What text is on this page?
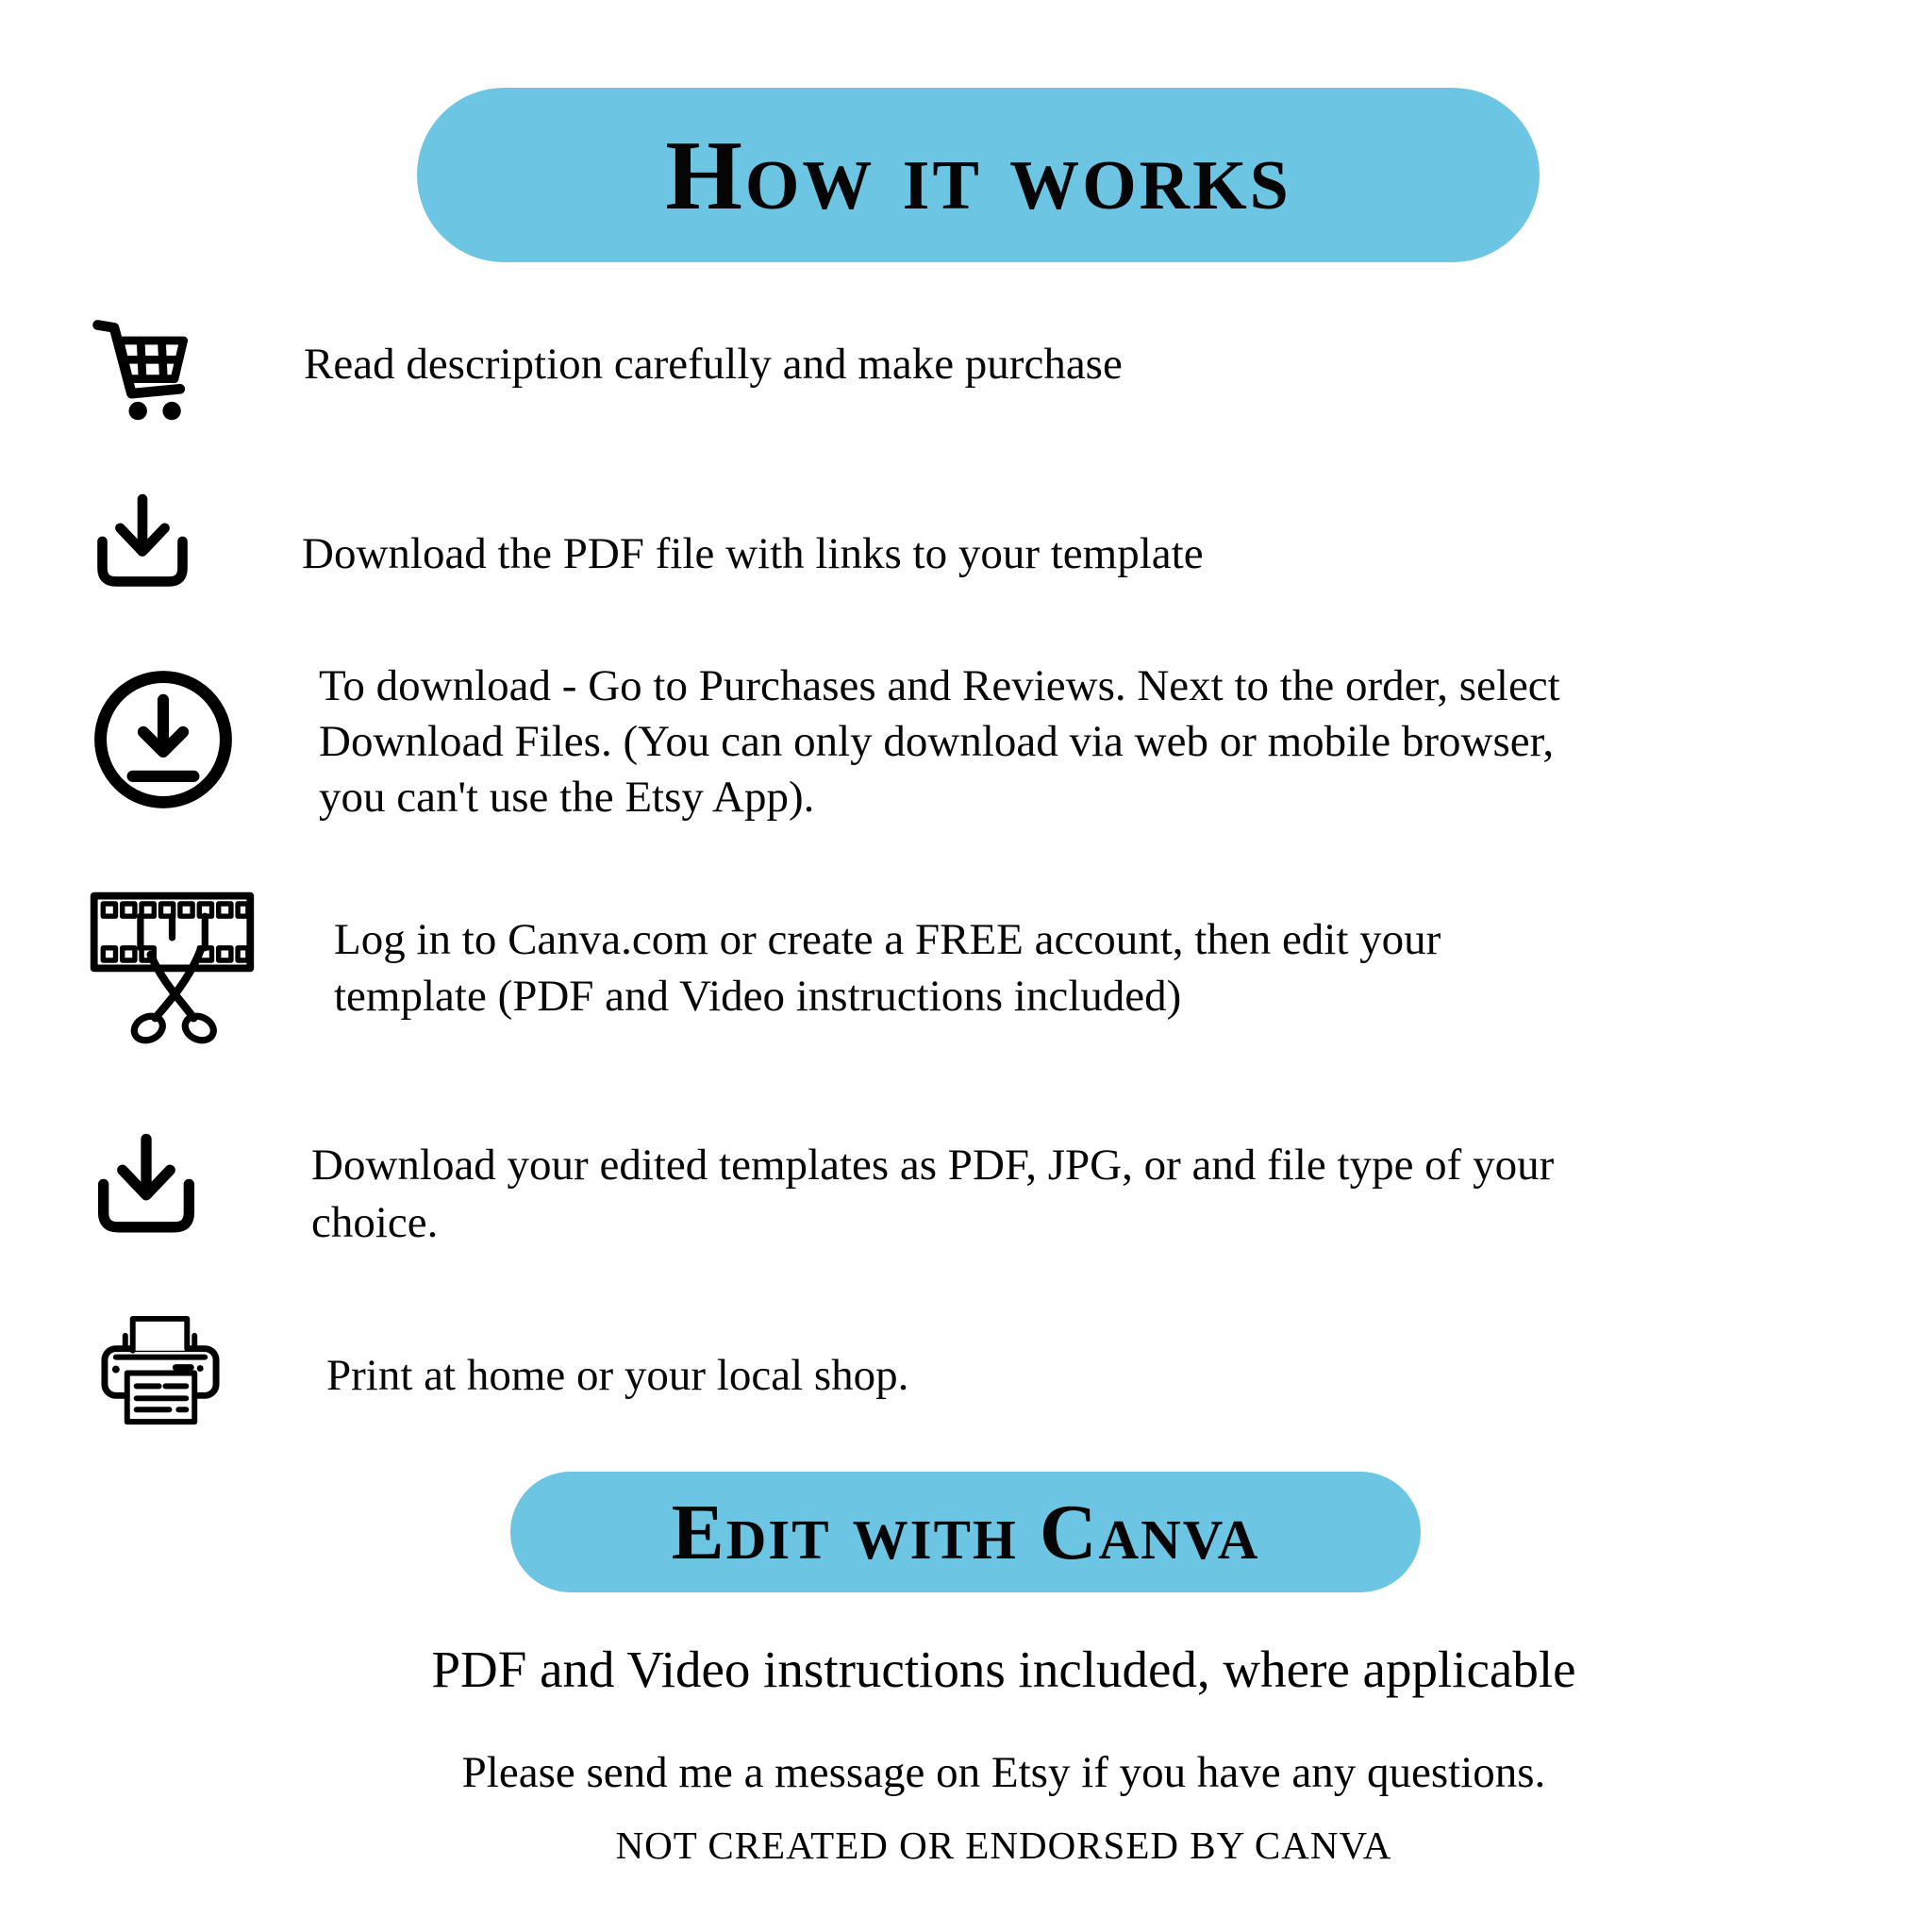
How it works
Read description carefully and make purchase
Download the PDF file with links to your template
To download - Go to Purchases and Reviews. Next to the order, select
Download Files. (You can only download via web or mobile browser,
you can't use the Etsy App).
Log in to Canva.com or create a FREE account, then edit your
template (PDF and Video instructions included)
Download your edited templates as PDF, JPG, or and file type of your
choice.
Print at home or your local shop.
Edit with Canva
PDF and Video instructions included, where applicable
Please send me a message on Etsy if you have any questions.
NOT CREATED OR ENDORSED BY CANVA
